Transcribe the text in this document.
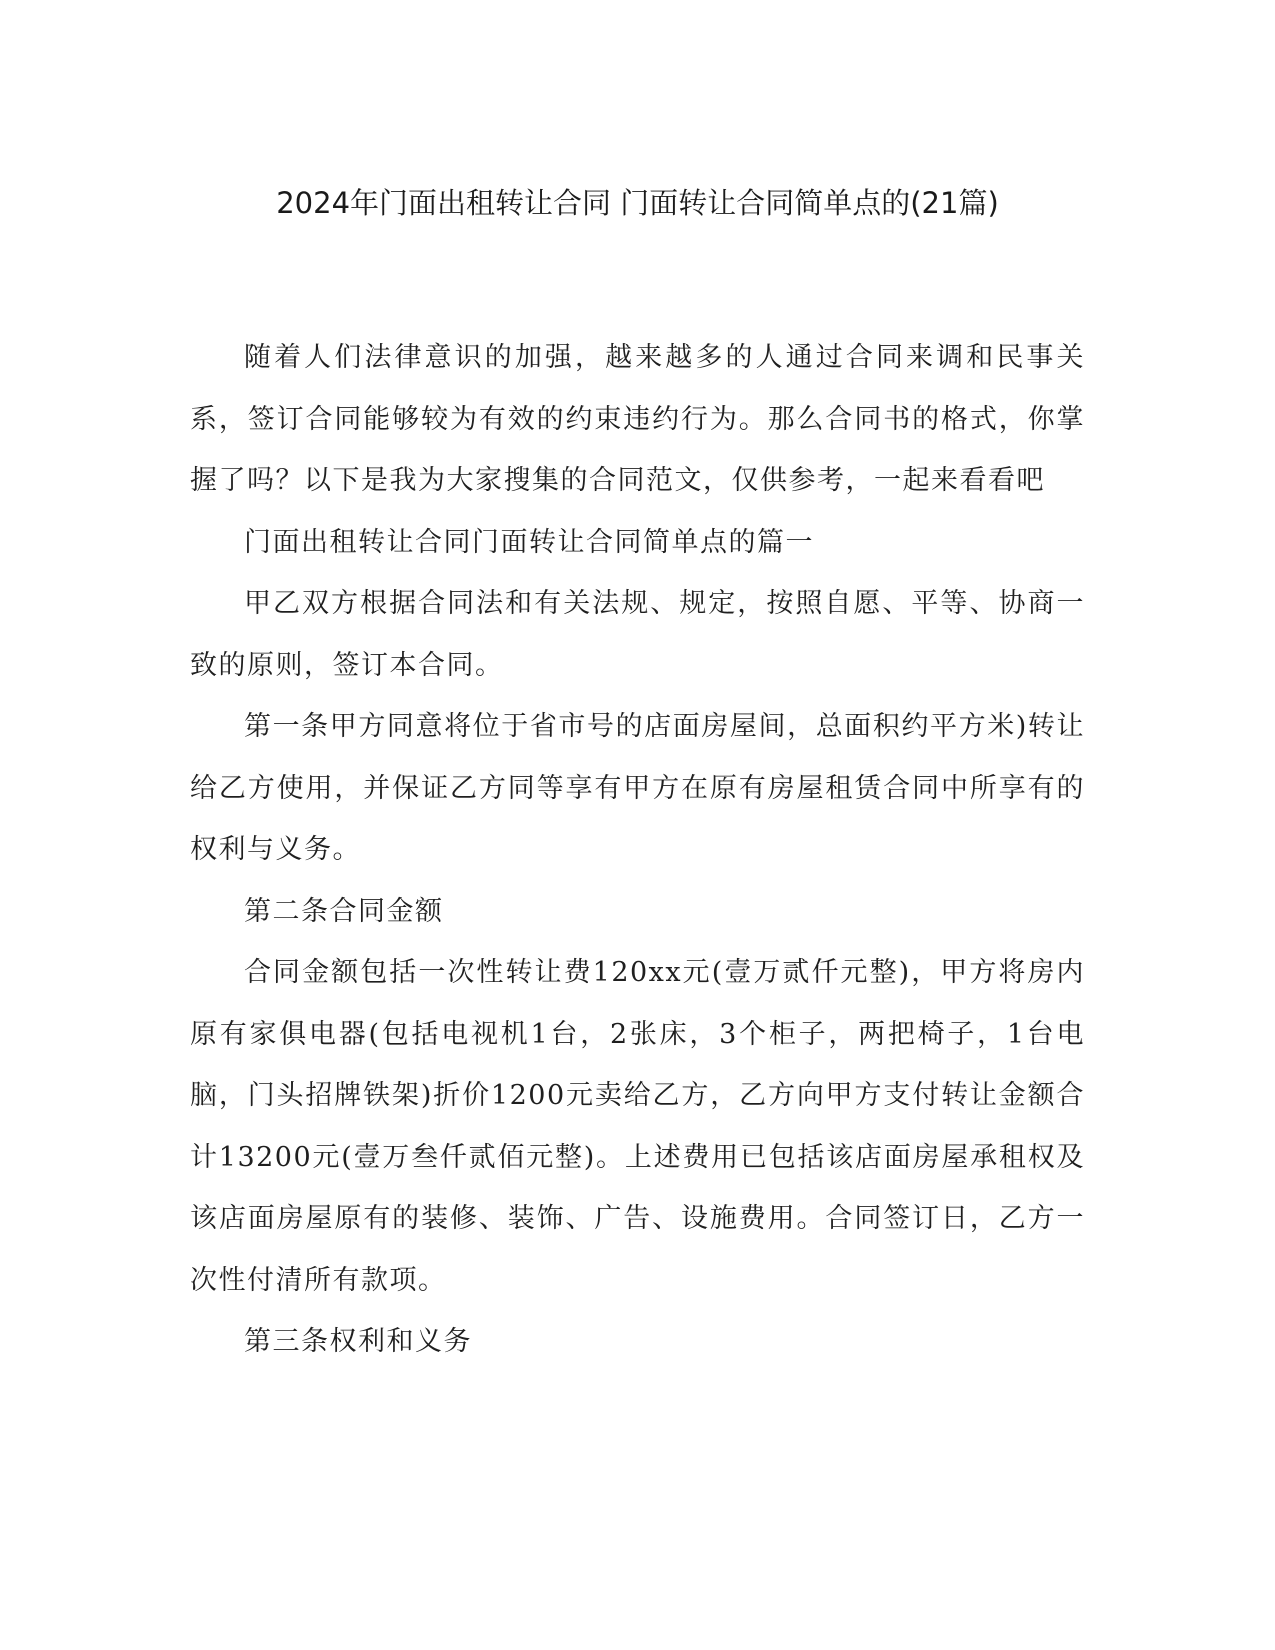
2024年门面出租转让合同 门面转让合同简单点的(21篇)

随着人们法律意识的加强，越来越多的人通过合同来调和民事关系，签订合同能够较为有效的约束违约行为。那么合同书的格式，你掌握了吗？以下是我为大家搜集的合同范文，仅供参考，一起来看看吧

门面出租转让合同门面转让合同简单点的篇一

甲乙双方根据合同法和有关法规、规定，按照自愿、平等、协商一致的原则，签订本合同。

第一条甲方同意将位于省市号的店面房屋间，总面积约平方米)转让给乙方使用，并保证乙方同等享有甲方在原有房屋租赁合同中所享有的权利与义务。

第二条合同金额

合同金额包括一次性转让费120xx元(壹万贰仟元整)，甲方将房内原有家俱电器(包括电视机1台，2张床，3个柜子，两把椅子，1台电脑，门头招牌铁架)折价1200元卖给乙方，乙方向甲方支付转让金额合计13200元(壹万叁仟贰佰元整)。上述费用已包括该店面房屋承租权及该店面房屋原有的装修、装饰、广告、设施费用。合同签订日，乙方一次性付清所有款项。

第三条权利和义务
